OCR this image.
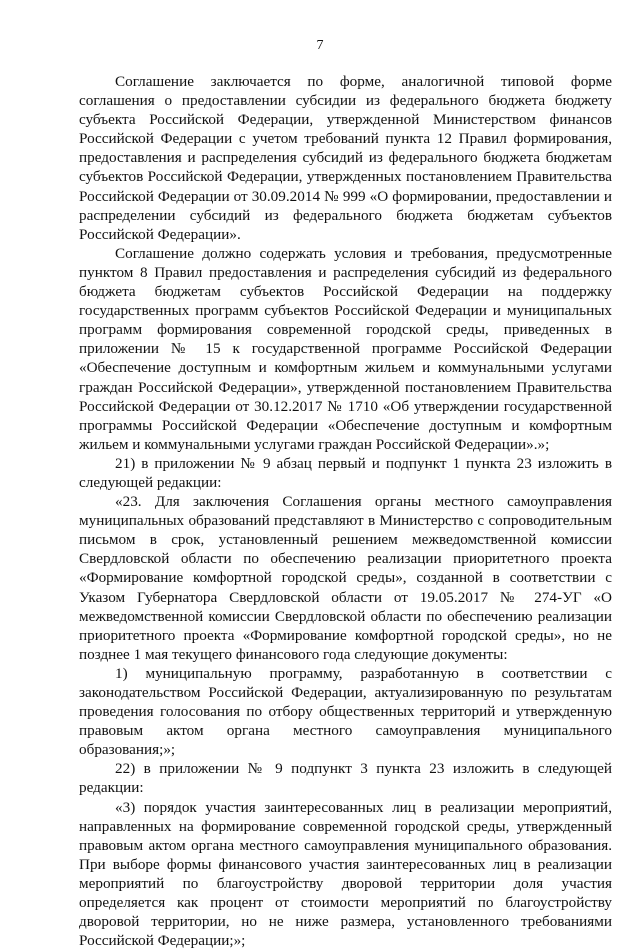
7

Соглашение заключается по форме, аналогичной типовой форме соглашения о предоставлении субсидии из федерального бюджета бюджету субъекта Российской Федерации, утвержденной Министерством финансов Российской Федерации с учетом требований пункта 12 Правил формирования, предоставления и распределения субсидий из федерального бюджета бюджетам субъектов Российской Федерации, утвержденных постановлением Правительства Российской Федерации от 30.09.2014 № 999 «О формировании, предоставлении и распределении субсидий из федерального бюджета бюджетам субъектов Российской Федерации».

Соглашение должно содержать условия и требования, предусмотренные пунктом 8 Правил предоставления и распределения субсидий из федерального бюджета бюджетам субъектов Российской Федерации на поддержку государственных программ субъектов Российской Федерации и муниципальных программ формирования современной городской среды, приведенных в приложении № 15 к государственной программе Российской Федерации «Обеспечение доступным и комфортным жильем и коммунальными услугами граждан Российской Федерации», утвержденной постановлением Правительства Российской Федерации от 30.12.2017 № 1710 «Об утверждении государственной программы Российской Федерации «Обеспечение доступным и комфортным жильем и коммунальными услугами граждан Российской Федерации».»;

21) в приложении № 9 абзац первый и подпункт 1 пункта 23 изложить в следующей редакции:

«23. Для заключения Соглашения органы местного самоуправления муниципальных образований представляют в Министерство с сопроводительным письмом в срок, установленный решением межведомственной комиссии Свердловской области по обеспечению реализации приоритетного проекта «Формирование комфортной городской среды», созданной в соответствии с Указом Губернатора Свердловской области от 19.05.2017 № 274-УГ «О межведомственной комиссии Свердловской области по обеспечению реализации приоритетного проекта «Формирование комфортной городской среды», но не позднее 1 мая текущего финансового года следующие документы:

1) муниципальную программу, разработанную в соответствии с законодательством Российской Федерации, актуализированную по результатам проведения голосования по отбору общественных территорий и утвержденную правовым актом органа местного самоуправления муниципального образования;»;

22) в приложении № 9 подпункт 3 пункта 23 изложить в следующей редакции:

«3) порядок участия заинтересованных лиц в реализации мероприятий, направленных на формирование современной городской среды, утвержденный правовым актом органа местного самоуправления муниципального образования. При выборе формы финансового участия заинтересованных лиц в реализации мероприятий по благоустройству дворовой территории доля участия определяется как процент от стоимости мероприятий по благоустройству дворовой территории, но не ниже размера, установленного требованиями Российской Федерации;»;
